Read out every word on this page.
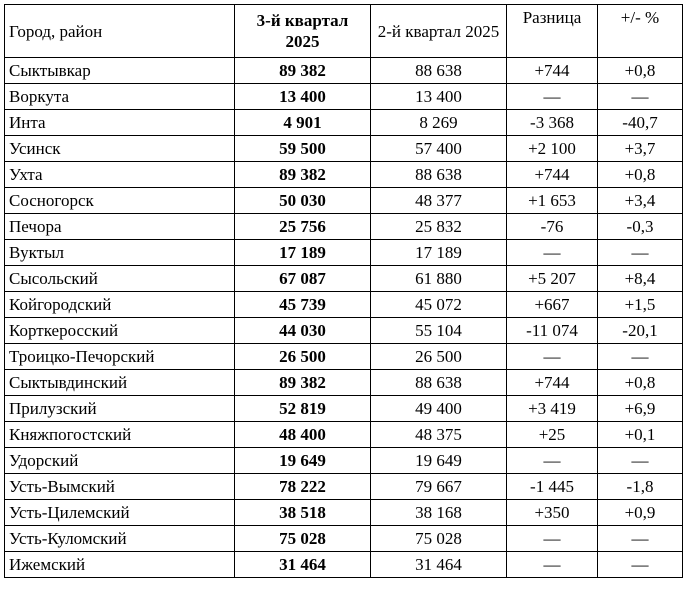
Город, район	3-й квартал 2025	2-й квартал 2025	Разница	+/- %
Сыктывкар	89 382	88 638	+744	+0,8
Воркута	13 400	13 400	—	—
Инта	4 901	8 269	-3 368	-40,7
Усинск	59 500	57 400	+2 100	+3,7
Ухта	89 382	88 638	+744	+0,8
Сосногорск	50 030	48 377	+1 653	+3,4
Печора	25 756	25 832	-76	-0,3
Вуктыл	17 189	17 189	—	—
Сысольский	67 087	61 880	+5 207	+8,4
Койгородский	45 739	45 072	+667	+1,5
Корткеросский	44 030	55 104	-11 074	-20,1
Троицко-Печорский	26 500	26 500	—	—
Сыктывдинский	89 382	88 638	+744	+0,8
Прилузский	52 819	49 400	+3 419	+6,9
Княжпогостский	48 400	48 375	+25	+0,1
Удорский	19 649	19 649	—	—
Усть-Вымский	78 222	79 667	-1 445	-1,8
Усть-Цилемский	38 518	38 168	+350	+0,9
Усть-Куломский	75 028	75 028	—	—
Ижемский	31 464	31 464	—	—
